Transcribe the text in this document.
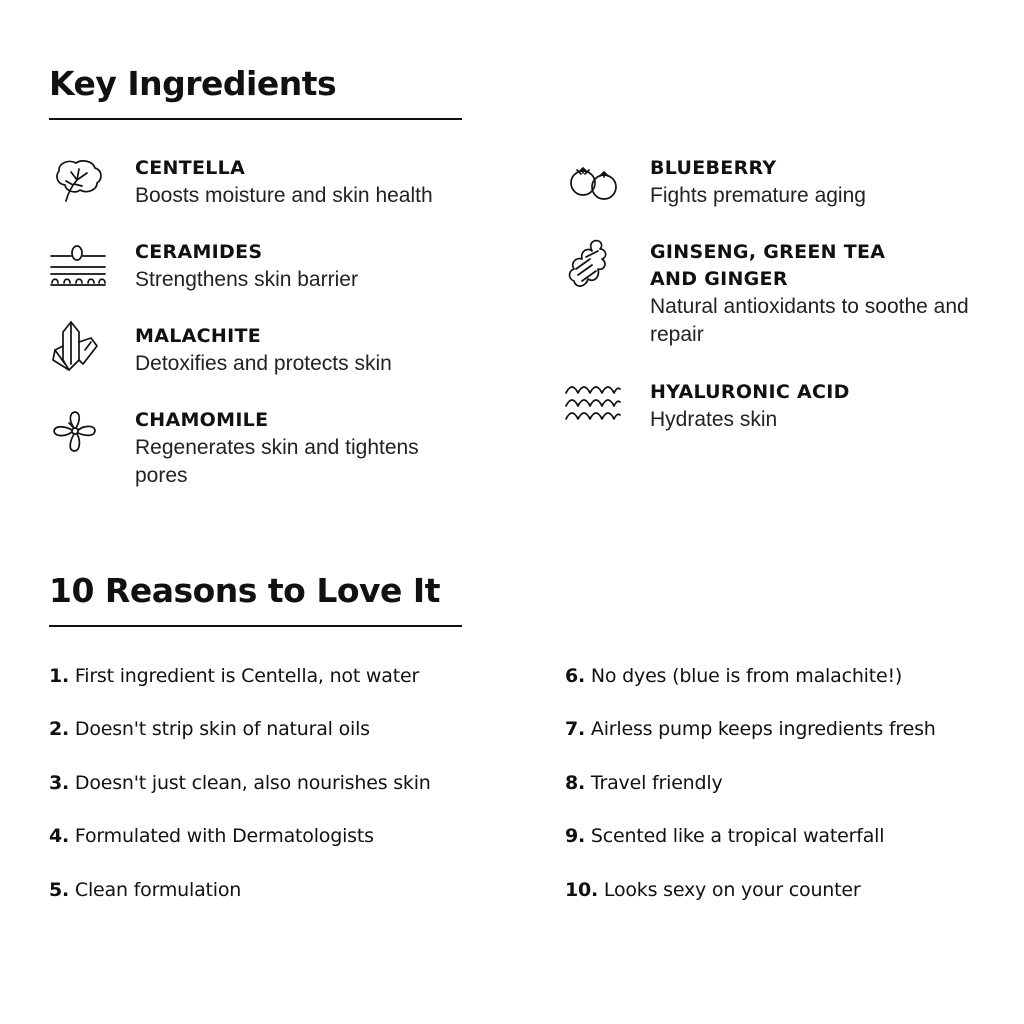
Key Ingredients
CENTELLA
Boosts moisture and skin health
CERAMIDES
Strengthens skin barrier
MALACHITE
Detoxifies and protects skin
CHAMOMILE
Regenerates skin and tightens pores
BLUEBERRY
Fights premature aging
GINSENG, GREEN TEA AND GINGER
Natural antioxidants to soothe and repair
HYALURONIC ACID
Hydrates skin
10 Reasons to Love It
1. First ingredient is Centella, not water
2. Doesn't strip skin of natural oils
3. Doesn't just clean, also nourishes skin
4. Formulated with Dermatologists
5. Clean formulation
6. No dyes (blue is from malachite!)
7. Airless pump keeps ingredients fresh
8. Travel friendly
9. Scented like a tropical waterfall
10. Looks sexy on your counter
